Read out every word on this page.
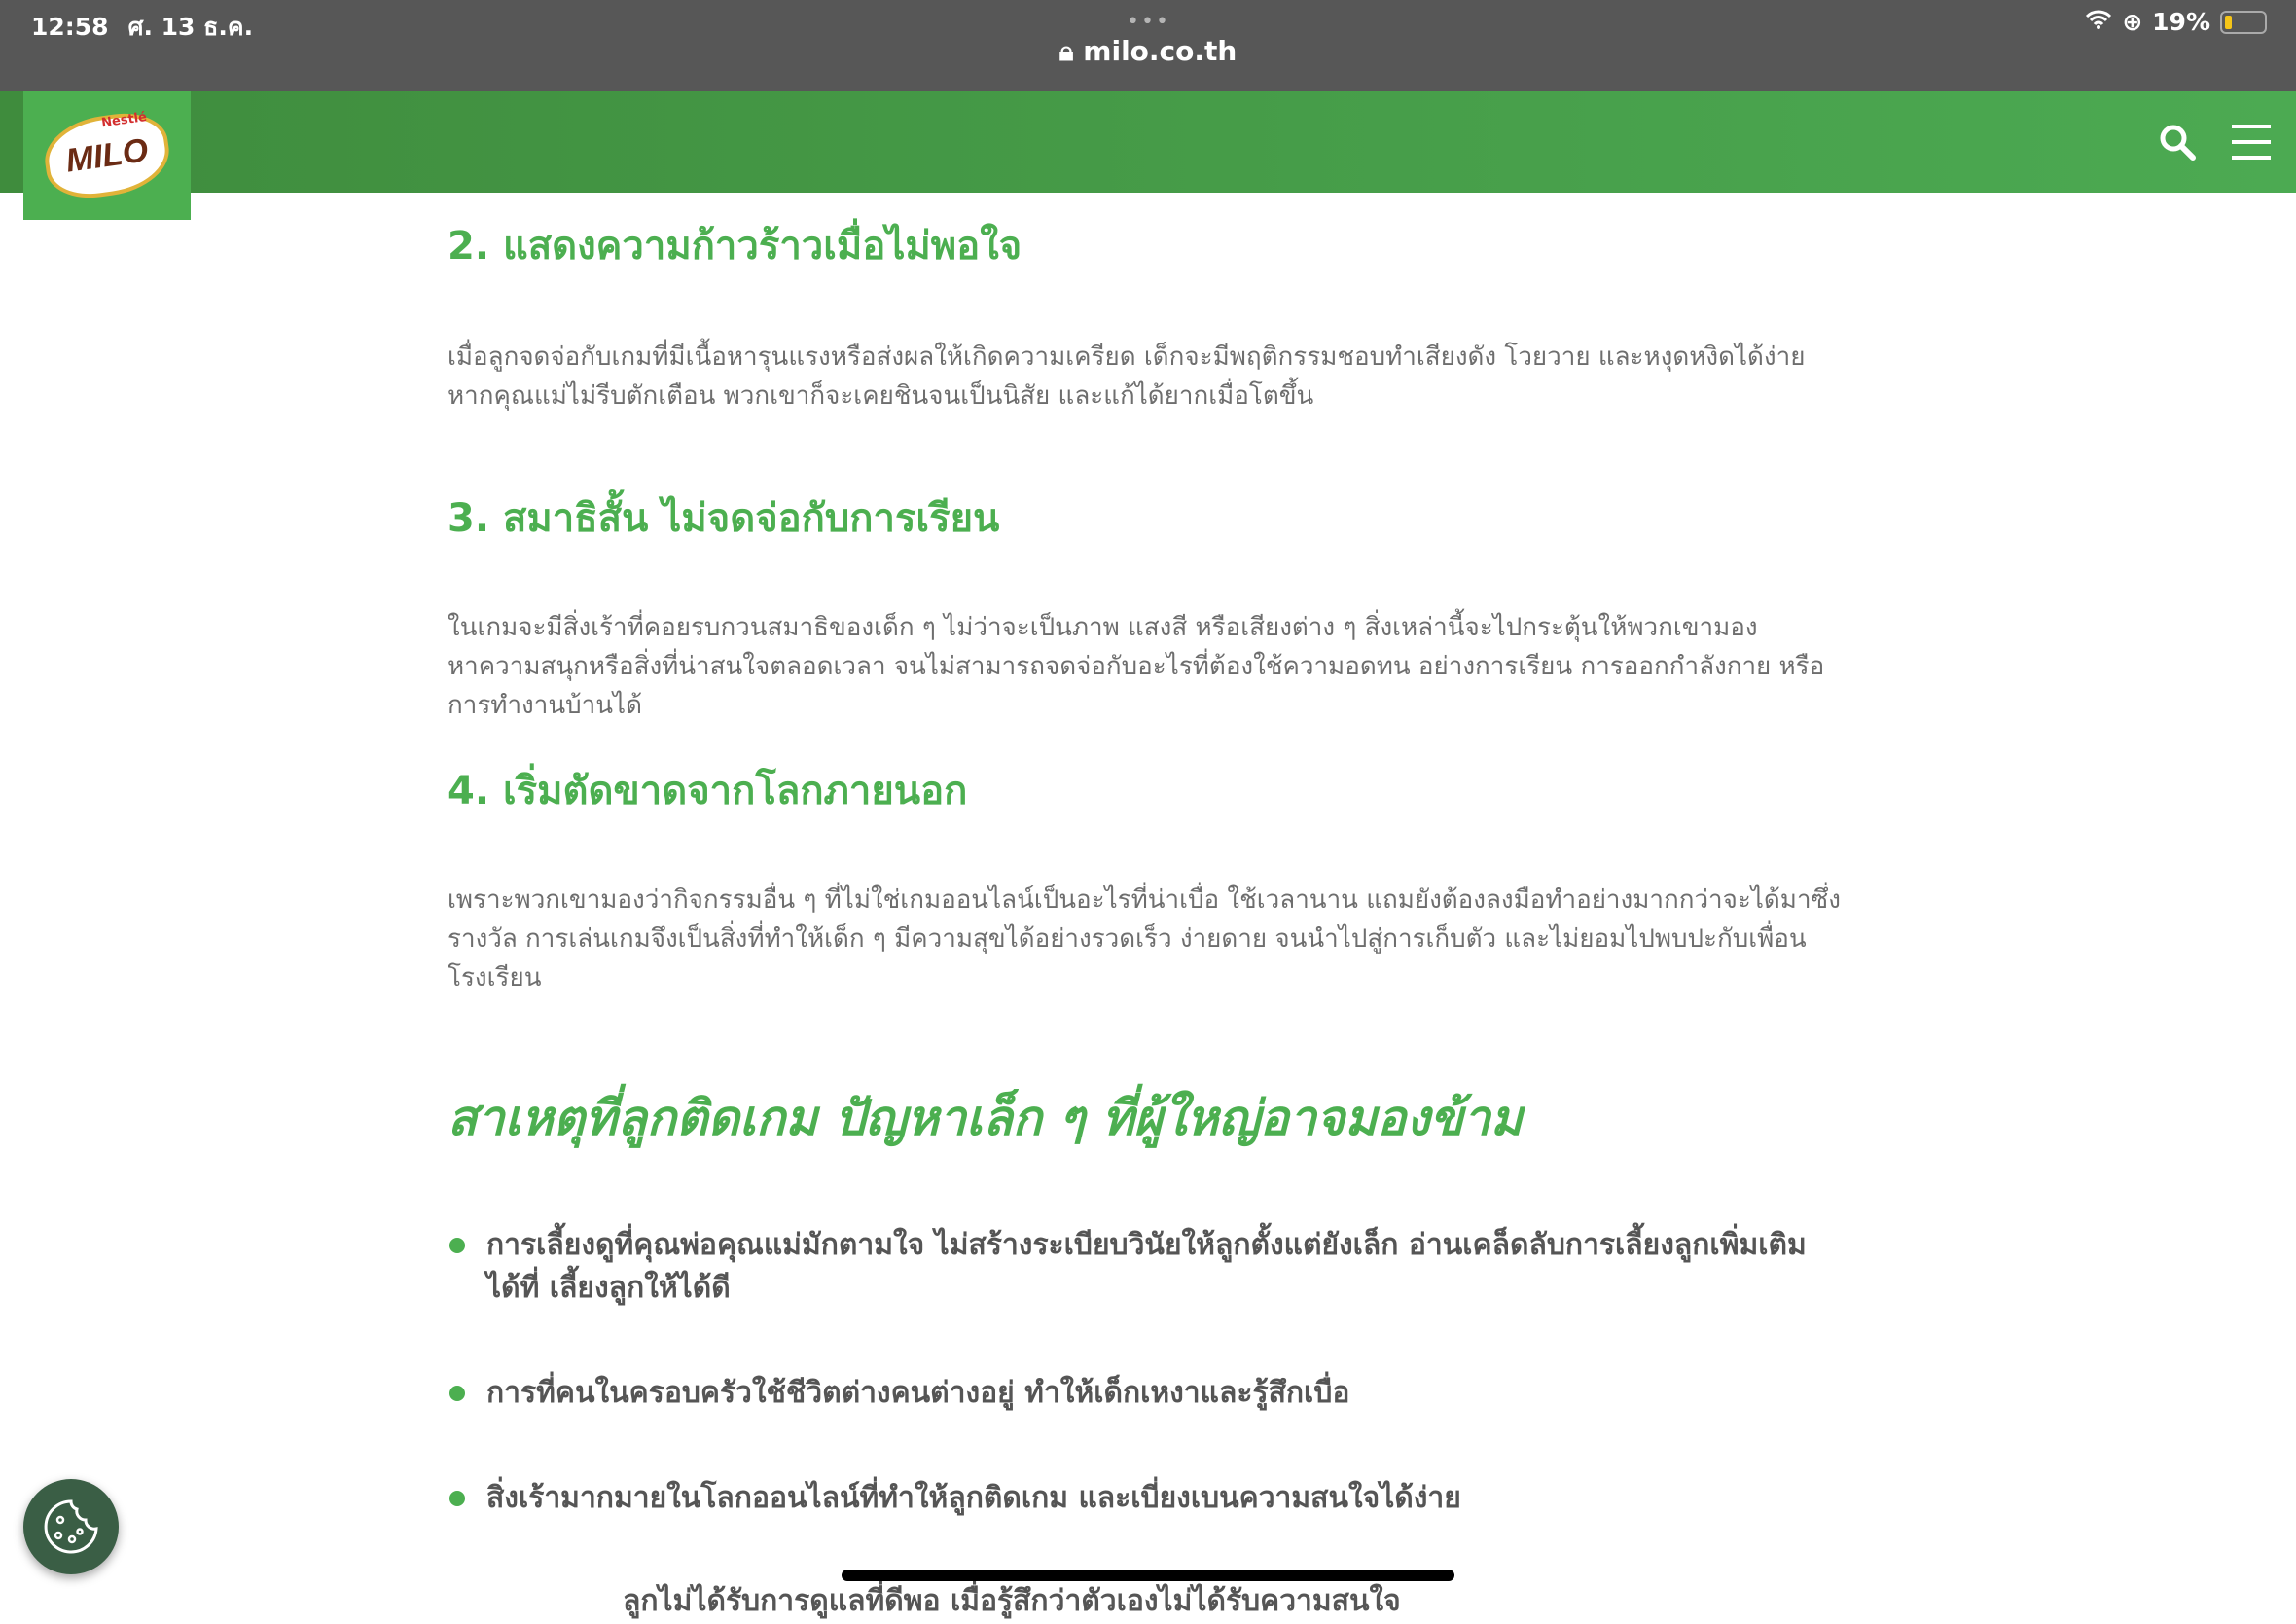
12:58 ศ. 13 ธ.ค.	•••
🔒︎ milo.co.th
⊕ 19%
Nestlé
MILO
2. แสดงความก้าวร้าวเมื่อไม่พอใจ

เมื่อลูกจดจ่อกับเกมที่มีเนื้อหารุนแรงหรือส่งผลให้เกิดความเครียด เด็กจะมีพฤติกรรมชอบทำเสียงดัง โวยวาย และหงุดหงิดได้ง่าย หากคุณแม่ไม่รีบตักเตือน พวกเขาก็จะเคยชินจนเป็นนิสัย และแก้ได้ยากเมื่อโตขึ้น

3. สมาธิสั้น ไม่จดจ่อกับการเรียน

ในเกมจะมีสิ่งเร้าที่คอยรบกวนสมาธิของเด็ก ๆ ไม่ว่าจะเป็นภาพ แสงสี หรือเสียงต่าง ๆ สิ่งเหล่านี้จะไปกระตุ้นให้พวกเขามองหาความสนุกหรือสิ่งที่น่าสนใจตลอดเวลา จนไม่สามารถจดจ่อกับอะไรที่ต้องใช้ความอดทน อย่างการเรียน การออกกำลังกาย หรือการทำงานบ้านได้

4. เริ่มตัดขาดจากโลกภายนอก

เพราะพวกเขามองว่ากิจกรรมอื่น ๆ ที่ไม่ใช่เกมออนไลน์เป็นอะไรที่น่าเบื่อ ใช้เวลานาน แถมยังต้องลงมือทำอย่างมากกว่าจะได้มาซึ่งรางวัล การเล่นเกมจึงเป็นสิ่งที่ทำให้เด็ก ๆ มีความสุขได้อย่างรวดเร็ว ง่ายดาย จนนำไปสู่การเก็บตัว และไม่ยอมไปพบปะกับเพื่อนโรงเรียน

สาเหตุที่ลูกติดเกม ปัญหาเล็ก ๆ ที่ผู้ใหญ่อาจมองข้าม
การเลี้ยงดูที่คุณพ่อคุณแม่มักตามใจ ไม่สร้างระเบียบวินัยให้ลูกตั้งแต่ยังเล็ก อ่านเคล็ดลับการเลี้ยงลูกเพิ่มเติมได้ที่ เลี้ยงลูกให้ได้ดี
การที่คนในครอบครัวใช้ชีวิตต่างคนต่างอยู่ ทำให้เด็กเหงาและรู้สึกเบื่อ
สิ่งเร้ามากมายในโลกออนไลน์ที่ทำให้ลูกติดเกม และเบี่ยงเบนความสนใจได้ง่าย
ลูกไม่ได้รับการดูแลที่ดีพอ เมื่อรู้สึกว่าตัวเองไม่ได้รับความสนใจ
